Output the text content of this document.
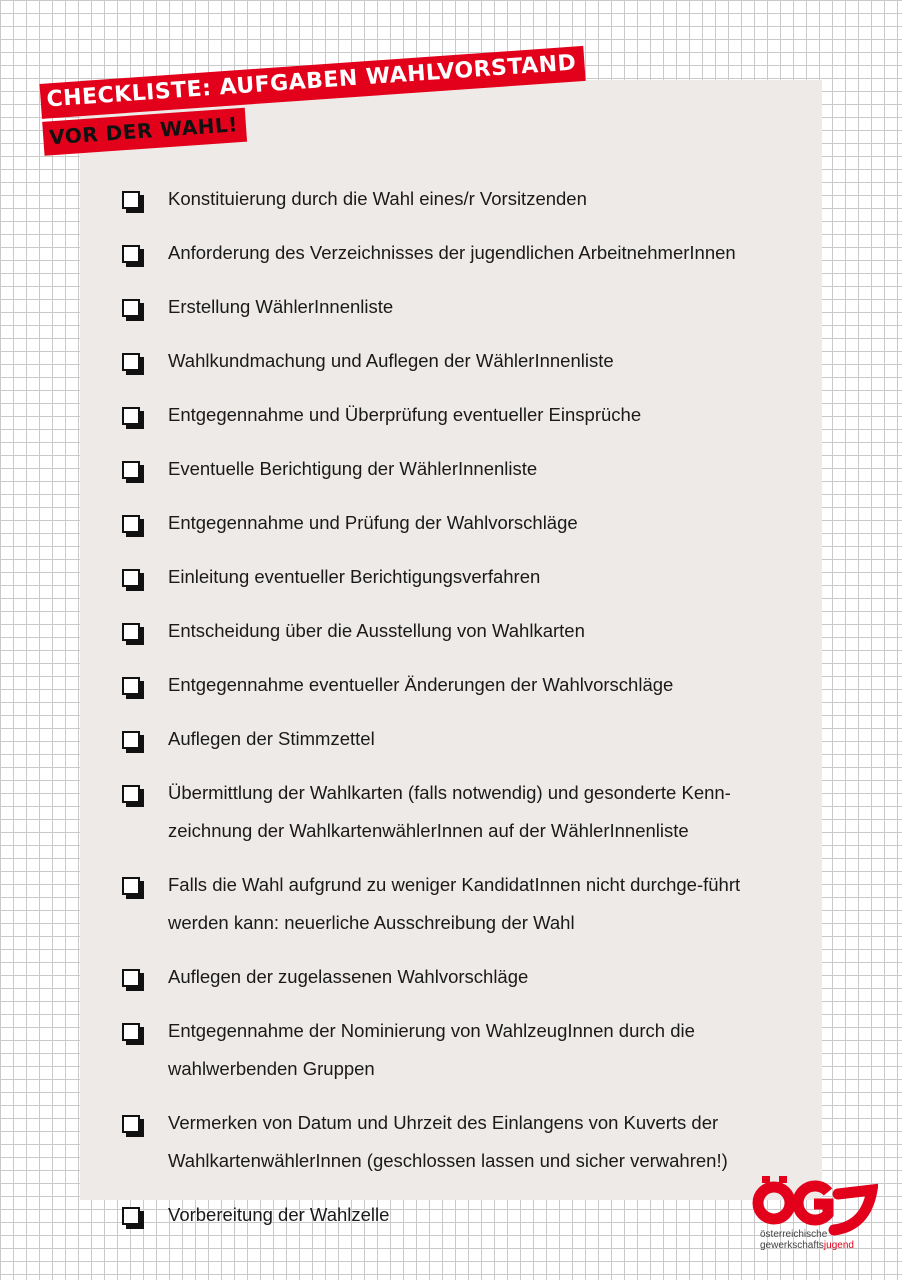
CHECKLISTE: AUFGABEN WAHLVORSTAND
VOR DER WAHL!
Konstituierung durch die Wahl eines/r Vorsitzenden
Anforderung des Verzeichnisses der jugendlichen ArbeitnehmerInnen
Erstellung WählerInnenliste
Wahlkundmachung und Auflegen der WählerInnenliste
Entgegennahme und Überprüfung eventueller Einsprüche
Eventuelle Berichtigung der WählerInnenliste
Entgegennahme und Prüfung der Wahlvorschläge
Einleitung eventueller Berichtigungsverfahren
Entscheidung über die Ausstellung von Wahlkarten
Entgegennahme eventueller Änderungen der Wahlvorschläge
Auflegen der Stimmzettel
Übermittlung der Wahlkarten (falls notwendig) und gesonderte Kenn-zeichnung der WahlkartenwählerInnen auf der WählerInnenliste
Falls die Wahl aufgrund zu weniger KandidatInnen nicht durchge-führt werden kann: neuerliche Ausschreibung der Wahl
Auflegen der zugelassenen Wahlvorschläge
Entgegennahme der Nominierung von WahlzeugInnen durch die wahlwerbenden Gruppen
Vermerken von Datum und Uhrzeit des Einlangens von Kuverts der WahlkartenwählerInnen (geschlossen lassen und sicher verwahren!)
Vorbereitung der Wahlzelle
österreichische
gewerkschaftsjugend
